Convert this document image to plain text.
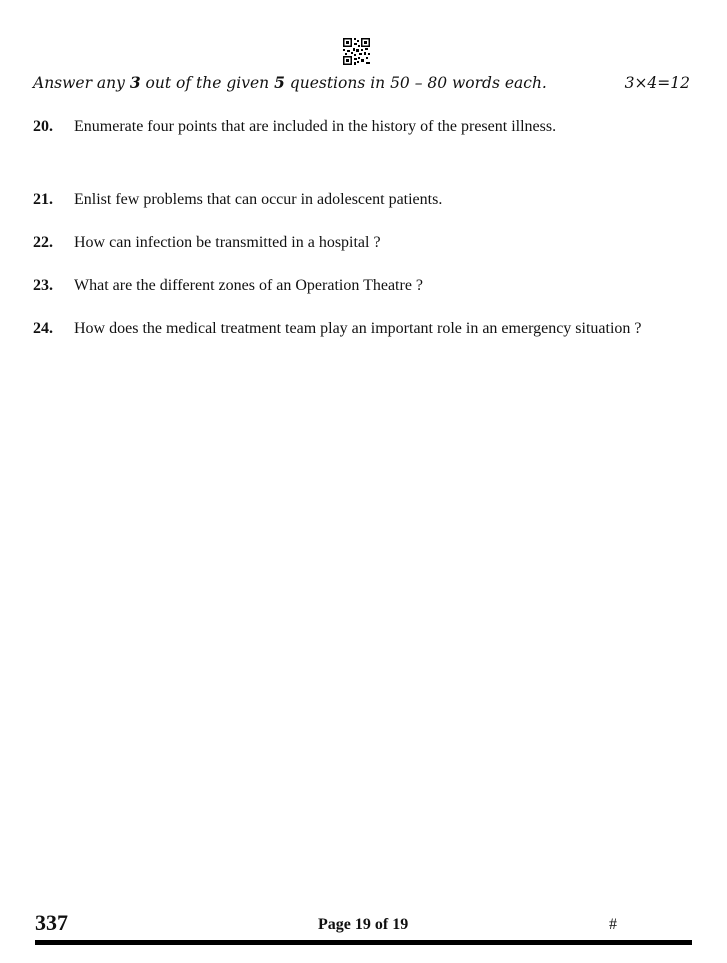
Answer any 3 out of the given 5 questions in 50 – 80 words each.	3×4=12
20. Enumerate four points that are included in the history of the present illness.
21. Enlist few problems that can occur in adolescent patients.
22. How can infection be transmitted in a hospital ?
23. What are the different zones of an Operation Theatre ?
24. How does the medical treatment team play an important role in an emergency situation ?
337	Page 19 of 19	#
